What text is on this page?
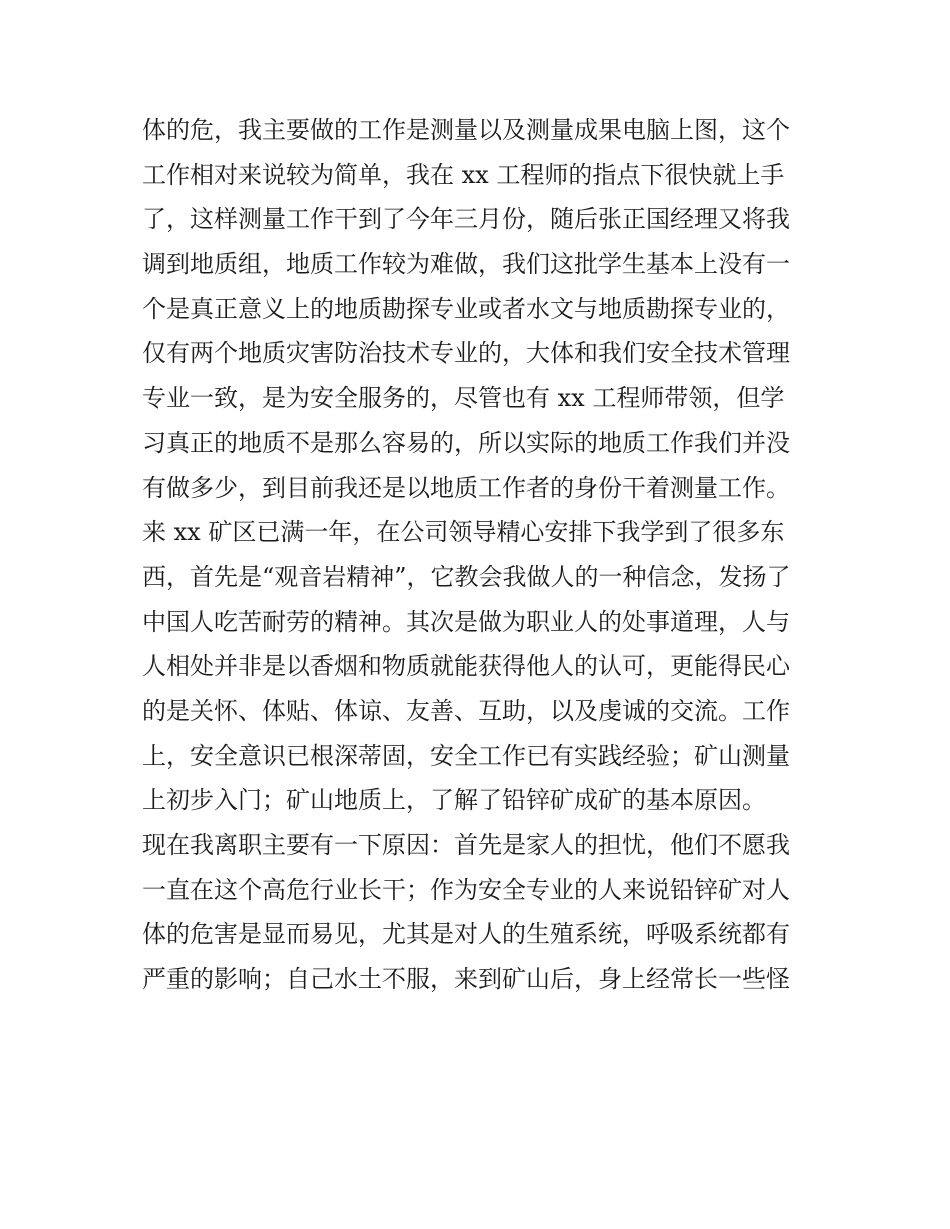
体的危，我主要做的工作是测量以及测量成果电脑上图，这个
工作相对来说较为简单，我在 xx 工程师的指点下很快就上手
了，这样测量工作干到了今年三月份，随后张正国经理又将我
调到地质组，地质工作较为难做，我们这批学生基本上没有一
个是真正意义上的地质勘探专业或者水文与地质勘探专业的，
仅有两个地质灾害防治技术专业的，大体和我们安全技术管理
专业一致，是为安全服务的，尽管也有 xx 工程师带领，但学
习真正的地质不是那么容易的，所以实际的地质工作我们并没
有做多少，到目前我还是以地质工作者的身份干着测量工作。
来 xx 矿区已满一年，在公司领导精心安排下我学到了很多东
西，首先是“观音岩精神”，它教会我做人的一种信念，发扬了
中国人吃苦耐劳的精神。其次是做为职业人的处事道理，人与
人相处并非是以香烟和物质就能获得他人的认可，更能得民心
的是关怀、体贴、体谅、友善、互助，以及虔诚的交流。工作
上，安全意识已根深蒂固，安全工作已有实践经验；矿山测量
上初步入门；矿山地质上，了解了铅锌矿成矿的基本原因。
现在我离职主要有一下原因：首先是家人的担忧，他们不愿我
一直在这个高危行业长干；作为安全专业的人来说铅锌矿对人
体的危害是显而易见，尤其是对人的生殖系统，呼吸系统都有
严重的影响；自己水土不服，来到矿山后，身上经常长一些怪
